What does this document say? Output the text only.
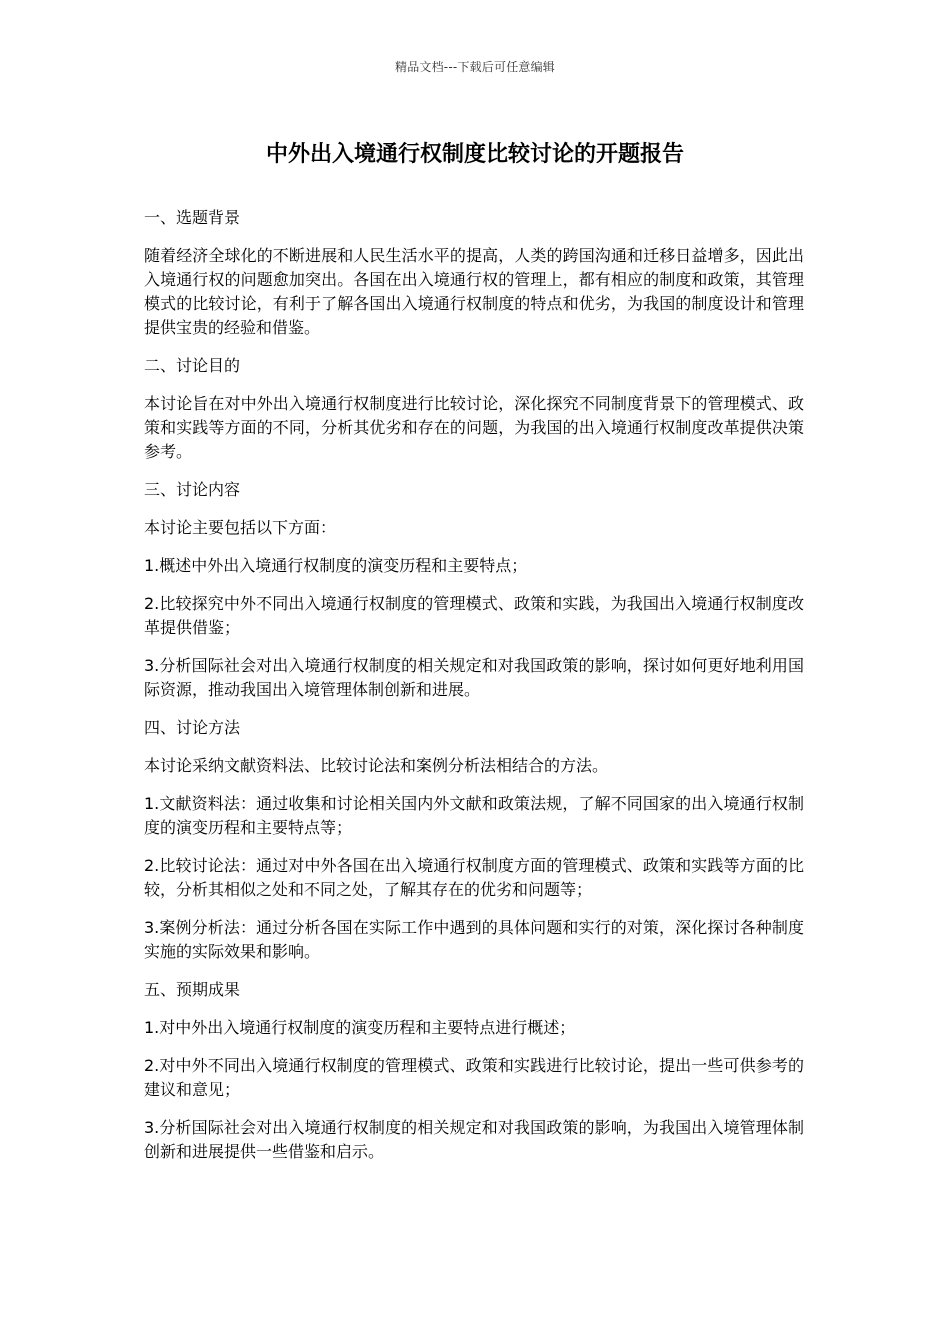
精品文档---下载后可任意编辑
中外出入境通行权制度比较讨论的开题报告

一、选题背景

随着经济全球化的不断进展和人民生活水平的提高，人类的跨国沟通和迁移日益增多，因此出入境通行权的问题愈加突出。各国在出入境通行权的管理上，都有相应的制度和政策，其管理模式的比较讨论，有利于了解各国出入境通行权制度的特点和优劣，为我国的制度设计和管理提供宝贵的经验和借鉴。

二、讨论目的

本讨论旨在对中外出入境通行权制度进行比较讨论，深化探究不同制度背景下的管理模式、政策和实践等方面的不同，分析其优劣和存在的问题，为我国的出入境通行权制度改革提供决策参考。

三、讨论内容

本讨论主要包括以下方面：

1.概述中外出入境通行权制度的演变历程和主要特点；

2.比较探究中外不同出入境通行权制度的管理模式、政策和实践，为我国出入境通行权制度改革提供借鉴；

3.分析国际社会对出入境通行权制度的相关规定和对我国政策的影响，探讨如何更好地利用国际资源，推动我国出入境管理体制创新和进展。

四、讨论方法

本讨论采纳文献资料法、比较讨论法和案例分析法相结合的方法。

1.文献资料法：通过收集和讨论相关国内外文献和政策法规，了解不同国家的出入境通行权制度的演变历程和主要特点等；

2.比较讨论法：通过对中外各国在出入境通行权制度方面的管理模式、政策和实践等方面的比较，分析其相似之处和不同之处，了解其存在的优劣和问题等；

3.案例分析法：通过分析各国在实际工作中遇到的具体问题和实行的对策，深化探讨各种制度实施的实际效果和影响。

五、预期成果

1.对中外出入境通行权制度的演变历程和主要特点进行概述；

2.对中外不同出入境通行权制度的管理模式、政策和实践进行比较讨论，提出一些可供参考的建议和意见；

3.分析国际社会对出入境通行权制度的相关规定和对我国政策的影响，为我国出入境管理体制创新和进展提供一些借鉴和启示。
